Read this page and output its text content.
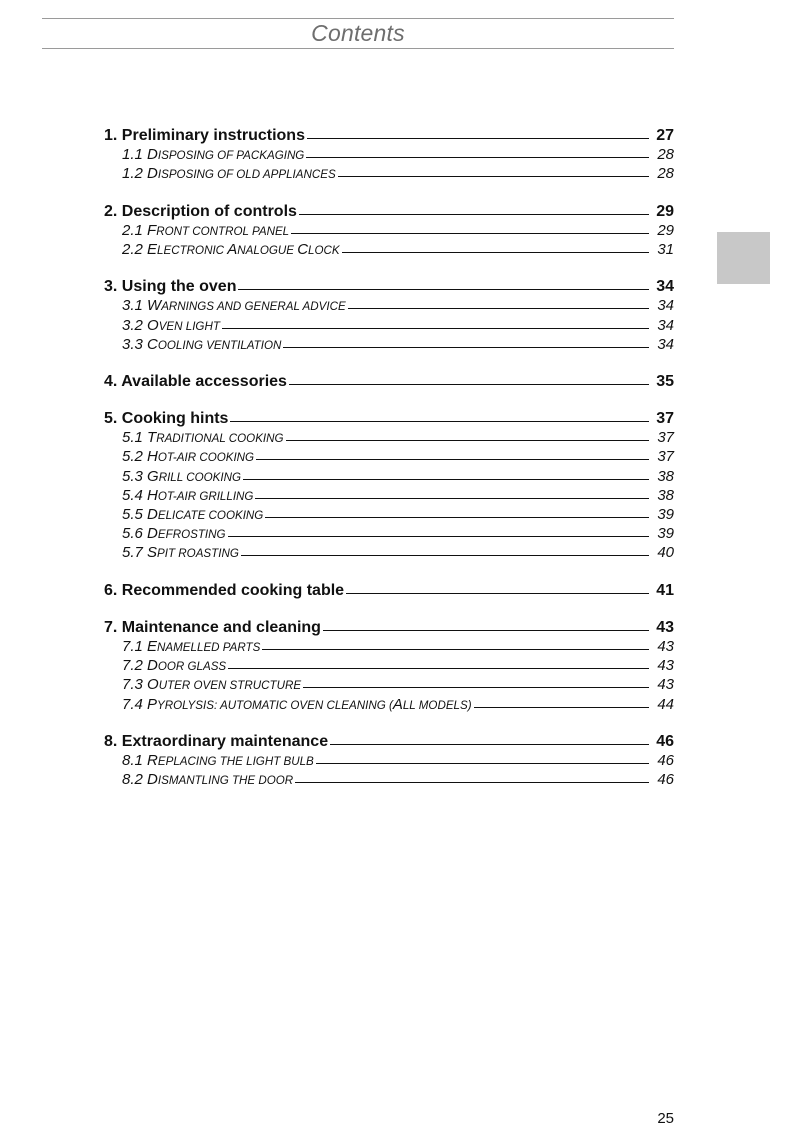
Contents
1. Preliminary instructions	27
1.1 DISPOSING OF PACKAGING	28
1.2 DISPOSING OF OLD APPLIANCES	28
2. Description of controls	29
2.1 FRONT CONTROL PANEL	29
2.2 ELECTRONIC ANALOGUE CLOCK	31
3. Using the oven	34
3.1 WARNINGS AND GENERAL ADVICE	34
3.2 OVEN LIGHT	34
3.3 COOLING VENTILATION	34
4. Available accessories	35
5. Cooking hints	37
5.1 TRADITIONAL COOKING	37
5.2 HOT-AIR COOKING	37
5.3 GRILL COOKING	38
5.4 HOT-AIR GRILLING	38
5.5 DELICATE COOKING	39
5.6 DEFROSTING	39
5.7 SPIT ROASTING	40
6. Recommended cooking table	41
7. Maintenance and cleaning	43
7.1 ENAMELLED PARTS	43
7.2 DOOR GLASS	43
7.3 OUTER OVEN STRUCTURE	43
7.4 PYROLYSIS: AUTOMATIC OVEN CLEANING (ALL MODELS)	44
8. Extraordinary maintenance	46
8.1 REPLACING THE LIGHT BULB	46
8.2 DISMANTLING THE DOOR	46
25
